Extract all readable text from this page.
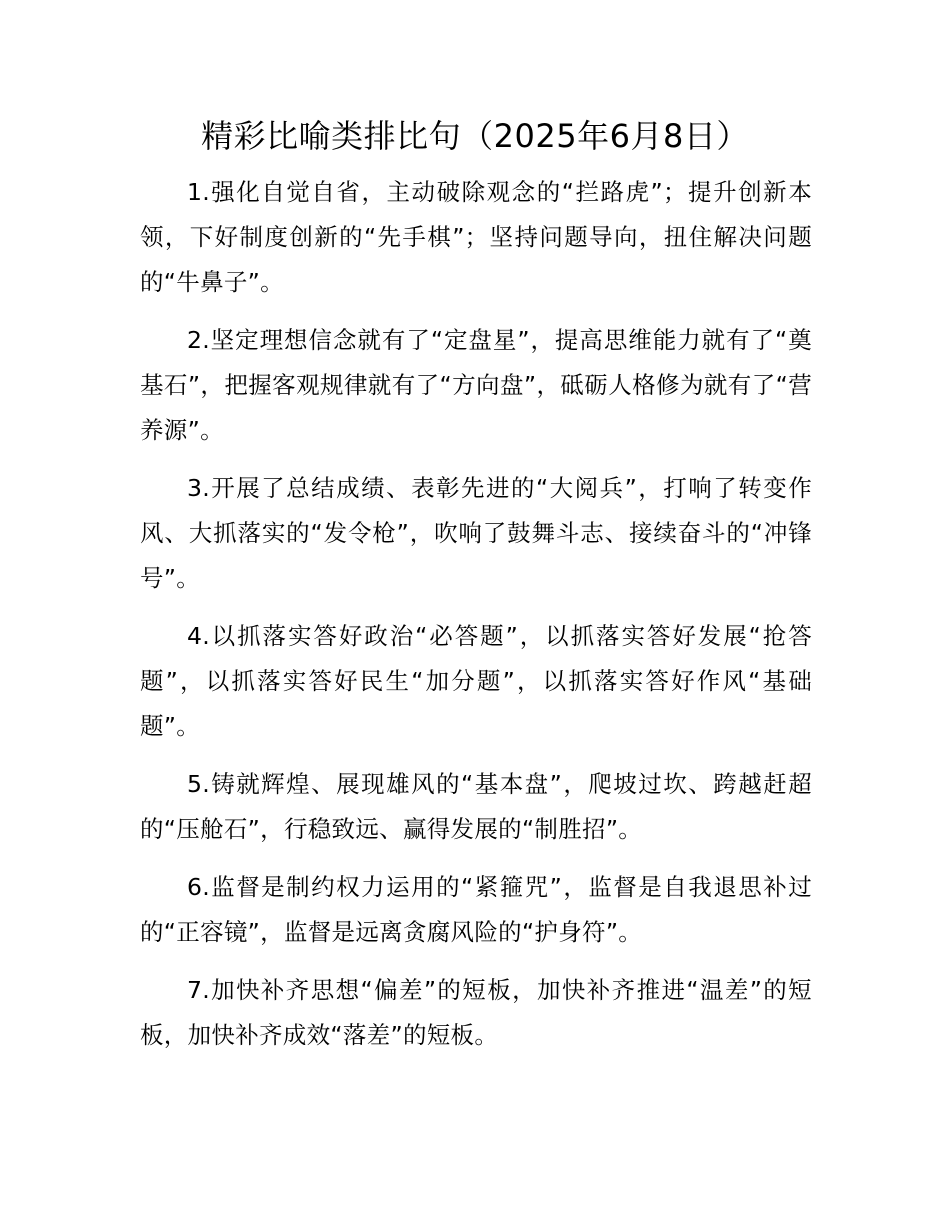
精彩比喻类排比句（2025年6月8日）

1.强化自觉自省，主动破除观念的“拦路虎”；提升创新本领，下好制度创新的“先手棋”；坚持问题导向，扭住解决问题的“牛鼻子”。

2.坚定理想信念就有了“定盘星”，提高思维能力就有了“奠基石”，把握客观规律就有了“方向盘”，砥砺人格修为就有了“营养源”。

3.开展了总结成绩、表彰先进的“大阅兵”，打响了转变作风、大抓落实的“发令枪”，吹响了鼓舞斗志、接续奋斗的“冲锋号”。

4.以抓落实答好政治“必答题”，以抓落实答好发展“抢答题”，以抓落实答好民生“加分题”，以抓落实答好作风“基础题”。

5.铸就辉煌、展现雄风的“基本盘”，爬坡过坎、跨越赶超的“压舱石”，行稳致远、赢得发展的“制胜招”。

6.监督是制约权力运用的“紧箍咒”，监督是自我退思补过的“正容镜”，监督是远离贪腐风险的“护身符”。

7.加快补齐思想“偏差”的短板，加快补齐推进“温差”的短板，加快补齐成效“落差”的短板。
